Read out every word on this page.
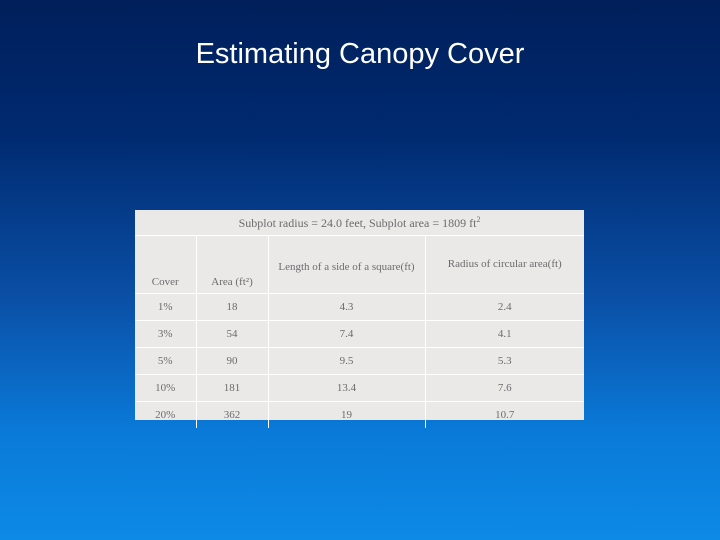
Estimating Canopy Cover
Subplot radius = 24.0 feet, Subplot area = 1809 $ft^2$
Cover	Area (ft²)	Length of a side of a square(ft)	Radius of circular area(ft)
1%	18	4.3	2.4
3%	54	7.4	4.1
5%	90	9.5	5.3
10%	181	13.4	7.6
20%	362	19	10.7
